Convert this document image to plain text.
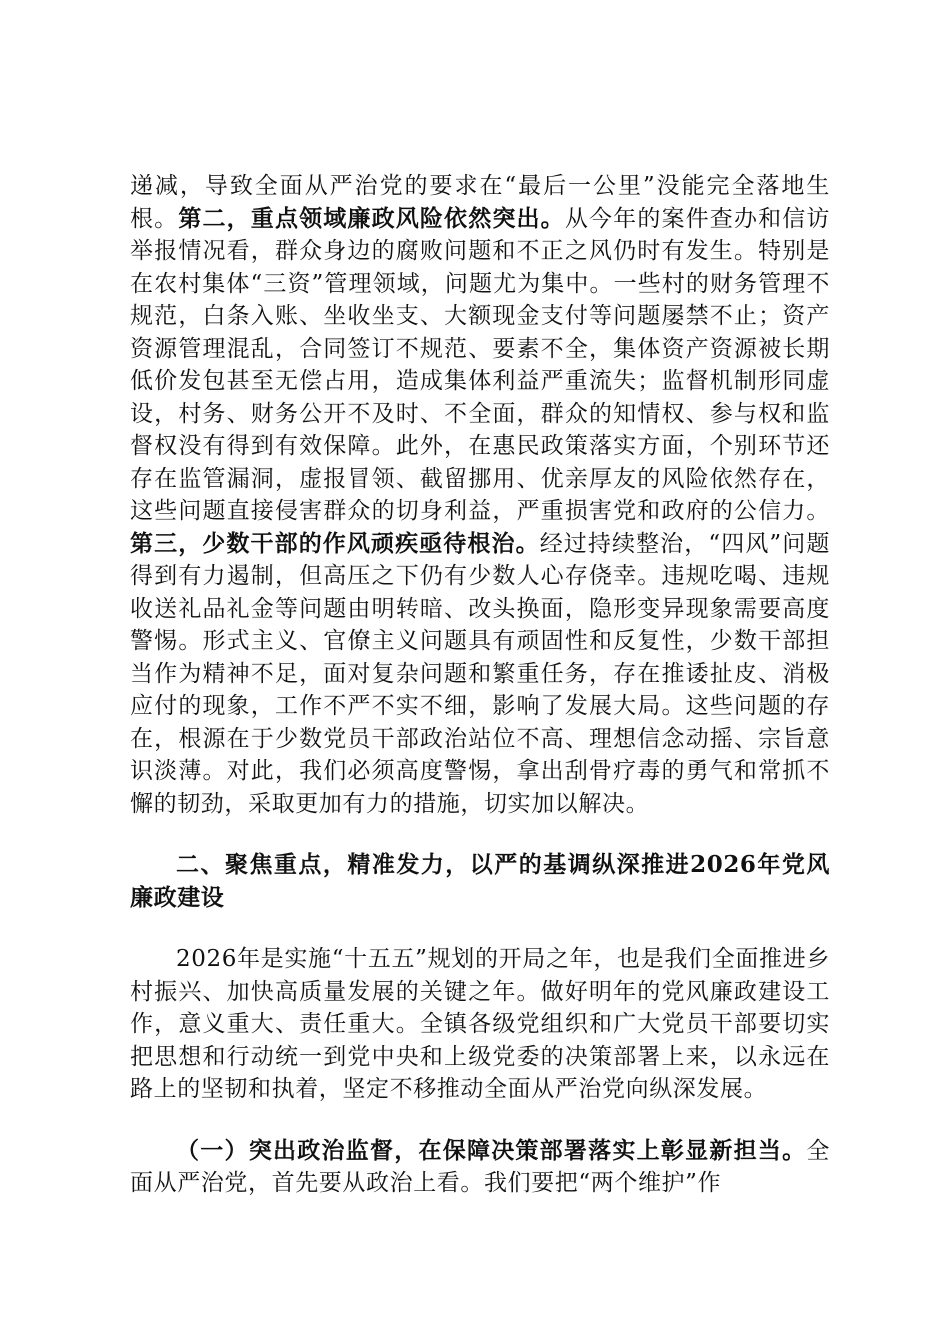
递减，导致全面从严治党的要求在“最后一公里”没能完全落地生根。第二，重点领域廉政风险依然突出。从今年的案件查办和信访举报情况看，群众身边的腐败问题和不正之风仍时有发生。特别是在农村集体“三资”管理领域，问题尤为集中。一些村的财务管理不规范，白条入账、坐收坐支、大额现金支付等问题屡禁不止；资产资源管理混乱，合同签订不规范、要素不全，集体资产资源被长期低价发包甚至无偿占用，造成集体利益严重流失；监督机制形同虚设，村务、财务公开不及时、不全面，群众的知情权、参与权和监督权没有得到有效保障。此外，在惠民政策落实方面，个别环节还存在监管漏洞，虚报冒领、截留挪用、优亲厚友的风险依然存在，这些问题直接侵害群众的切身利益，严重损害党和政府的公信力。第三，少数干部的作风顽疾亟待根治。经过持续整治，“四风”问题得到有力遏制，但高压之下仍有少数人心存侥幸。违规吃喝、违规收送礼品礼金等问题由明转暗、改头换面，隐形变异现象需要高度警惕。形式主义、官僚主义问题具有顽固性和反复性，少数干部担当作为精神不足，面对复杂问题和繁重任务，存在推诿扯皮、消极应付的现象，工作不严不实不细，影响了发展大局。这些问题的存在，根源在于少数党员干部政治站位不高、理想信念动摇、宗旨意识淡薄。对此，我们必须高度警惕，拿出刮骨疗毒的勇气和常抓不懈的韧劲，采取更加有力的措施，切实加以解决。

二、聚焦重点，精准发力，以严的基调纵深推进2026年党风廉政建设

2026年是实施“十五五”规划的开局之年，也是我们全面推进乡村振兴、加快高质量发展的关键之年。做好明年的党风廉政建设工作，意义重大、责任重大。全镇各级党组织和广大党员干部要切实把思想和行动统一到党中央和上级党委的决策部署上来，以永远在路上的坚韧和执着，坚定不移推动全面从严治党向纵深发展。

（一）突出政治监督，在保障决策部署落实上彰显新担当。全面从严治党，首先要从政治上看。我们要把“两个维护”作
